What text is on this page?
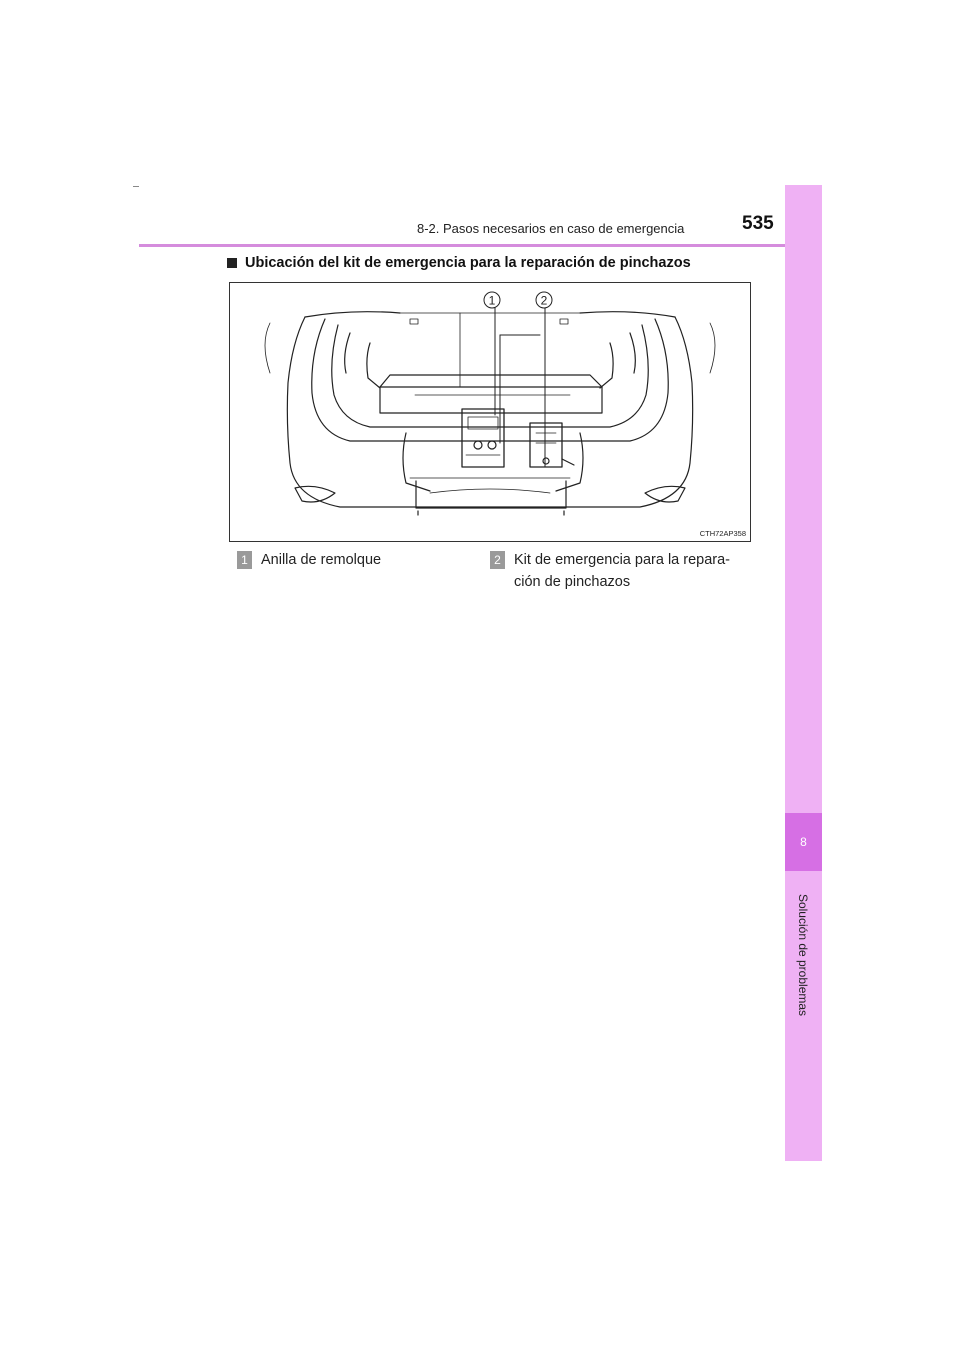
8-2. Pasos necesarios en caso de emergencia	535
8
Solución de problemas
Ubicación del kit de emergencia para la reparación de pinchazos
1	2
CTH72AP358
1 Anilla de remolque	2 Kit de emergencia para la repara-ción de pinchazos
